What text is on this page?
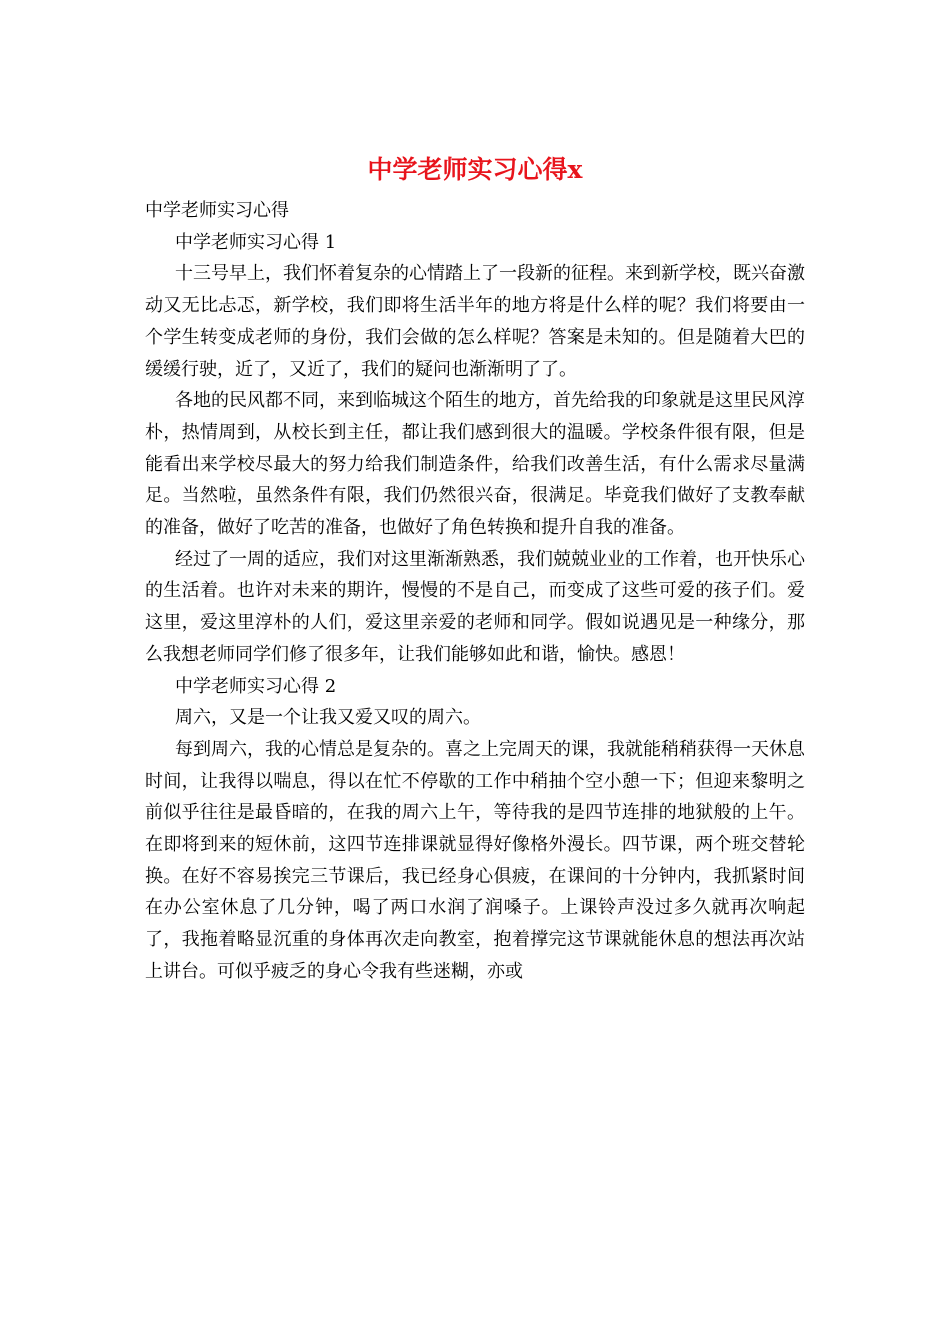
中学老师实习心得x

中学老师实习心得

中学老师实习心得 1

十三号早上，我们怀着复杂的心情踏上了一段新的征程。来到新学校，既兴奋激动又无比忐忑，新学校，我们即将生活半年的地方将是什么样的呢？我们将要由一个学生转变成老师的身份，我们会做的怎么样呢？答案是未知的。但是随着大巴的缓缓行驶，近了，又近了，我们的疑问也渐渐明了了。

各地的民风都不同，来到临城这个陌生的地方，首先给我的印象就是这里民风淳朴，热情周到，从校长到主任，都让我们感到很大的温暖。学校条件很有限，但是能看出来学校尽最大的努力给我们制造条件，给我们改善生活，有什么需求尽量满足。当然啦，虽然条件有限，我们仍然很兴奋，很满足。毕竟我们做好了支教奉献的准备，做好了吃苦的准备，也做好了角色转换和提升自我的准备。

经过了一周的适应，我们对这里渐渐熟悉，我们兢兢业业的工作着，也开快乐心的生活着。也许对未来的期许，慢慢的不是自己，而变成了这些可爱的孩子们。爱这里，爱这里淳朴的人们，爱这里亲爱的老师和同学。假如说遇见是一种缘分，那么我想老师同学们修了很多年，让我们能够如此和谐，愉快。感恩！

中学老师实习心得 2

周六，又是一个让我又爱又叹的周六。

每到周六，我的心情总是复杂的。喜之上完周天的课，我就能稍稍获得一天休息时间，让我得以喘息，得以在忙不停歇的工作中稍抽个空小憩一下；但迎来黎明之前似乎往往是最昏暗的，在我的周六上午，等待我的是四节连排的地狱般的上午。在即将到来的短休前，这四节连排课就显得好像格外漫长。四节课，两个班交替轮换。在好不容易挨完三节课后，我已经身心俱疲，在课间的十分钟内，我抓紧时间在办公室休息了几分钟，喝了两口水润了润嗓子。上课铃声没过多久就再次响起了，我拖着略显沉重的身体再次走向教室，抱着撑完这节课就能休息的想法再次站上讲台。可似乎疲乏的身心令我有些迷糊，亦或
